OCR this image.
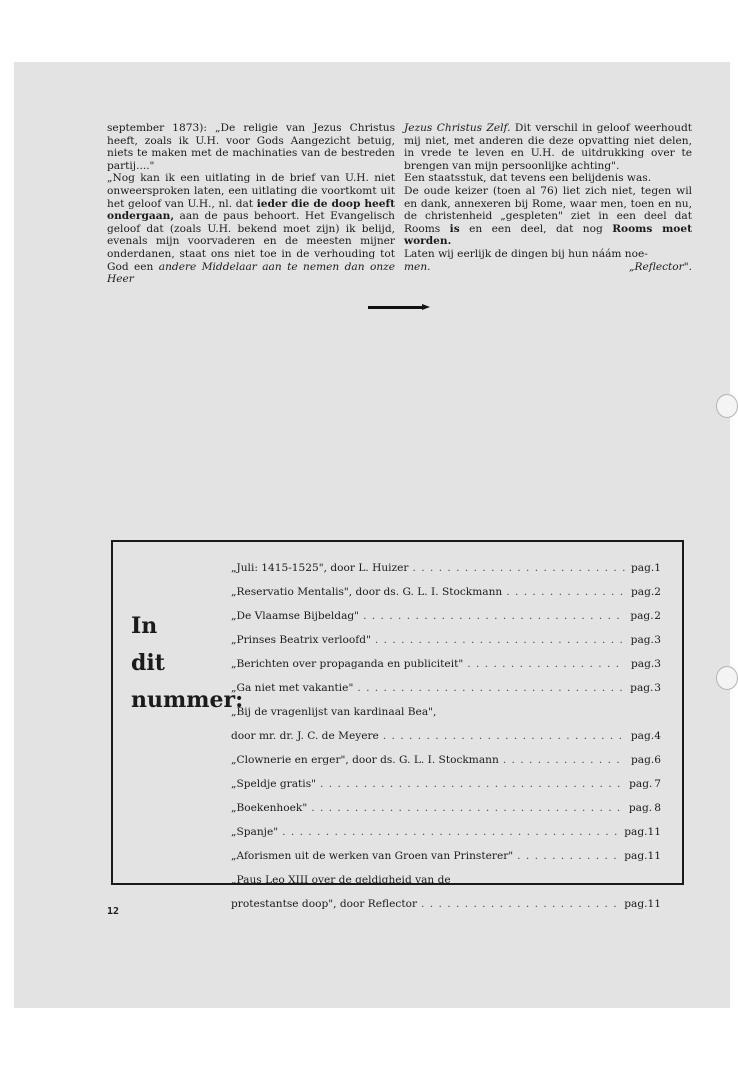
september 1873): „De religie van Jezus Christus heeft, zoals ik U.H. voor Gods Aangezicht betuig, niets te maken met de machinaties van de bestreden partij...."

„Nog kan ik een uitlating in de brief van U.H. niet onweersproken laten, een uitlating die voortkomt uit het geloof van U.H., nl. dat ieder die de doop heeft ondergaan, aan de paus behoort. Het Evangelisch geloof dat (zoals U.H. bekend moet zijn) ik belijd, evenals mijn voorvaderen en de meesten mijner onderdanen, staat ons niet toe in de verhouding tot God een andere Middelaar aan te nemen dan onze Heer

Jezus Christus Zelf. Dit verschil in geloof weerhoudt mij niet, met anderen die deze opvatting niet delen, in vrede te leven en U.H. de uitdrukking over te brengen van mijn persoonlijke achting".

Een staatsstuk, dat tevens een belijdenis was.

De oude keizer (toen al 76) liet zich niet, tegen wil en dank, annexeren bij Rome, waar men, toen en nu, de christenheid „gespleten" ziet in een deel dat Rooms is en een deel, dat nog Rooms moet worden.

Laten wij eerlijk de dingen bij hun náám noe-

men.	„Reflector".
In
dit
nummer:
„Juli: 1415-1525", door L. Huizer . . .	pag. 1
„Reservatio Mentalis", door ds. G. L. I. Stockmann . . .	pag. 2
„De Vlaamse Bijbeldag" . . .	pag. 2
„Prinses Beatrix verloofd" . . .	pag. 3
„Berichten over propaganda en publiciteit" . . .	pag. 3
„Ga niet met vakantie" . . .	pag. 3
„Bij de vragenlijst van kardinaal Bea",
door mr. dr. J. C. de Meyere . . .	pag. 4
„Clownerie en erger", door ds. G. L. I. Stockmann . . .	pag. 6
„Speldje gratis" . . .	pag. 7
„Boekenhoek" . . .	pag. 8
„Spanje" . . .	pag. 11
„Aforismen uit de werken van Groen van Prinsterer" . . .	pag. 11
„Paus Leo XIII over de geldigheid van de
protestantse doop", door Reflector . . .	pag. 11
12
